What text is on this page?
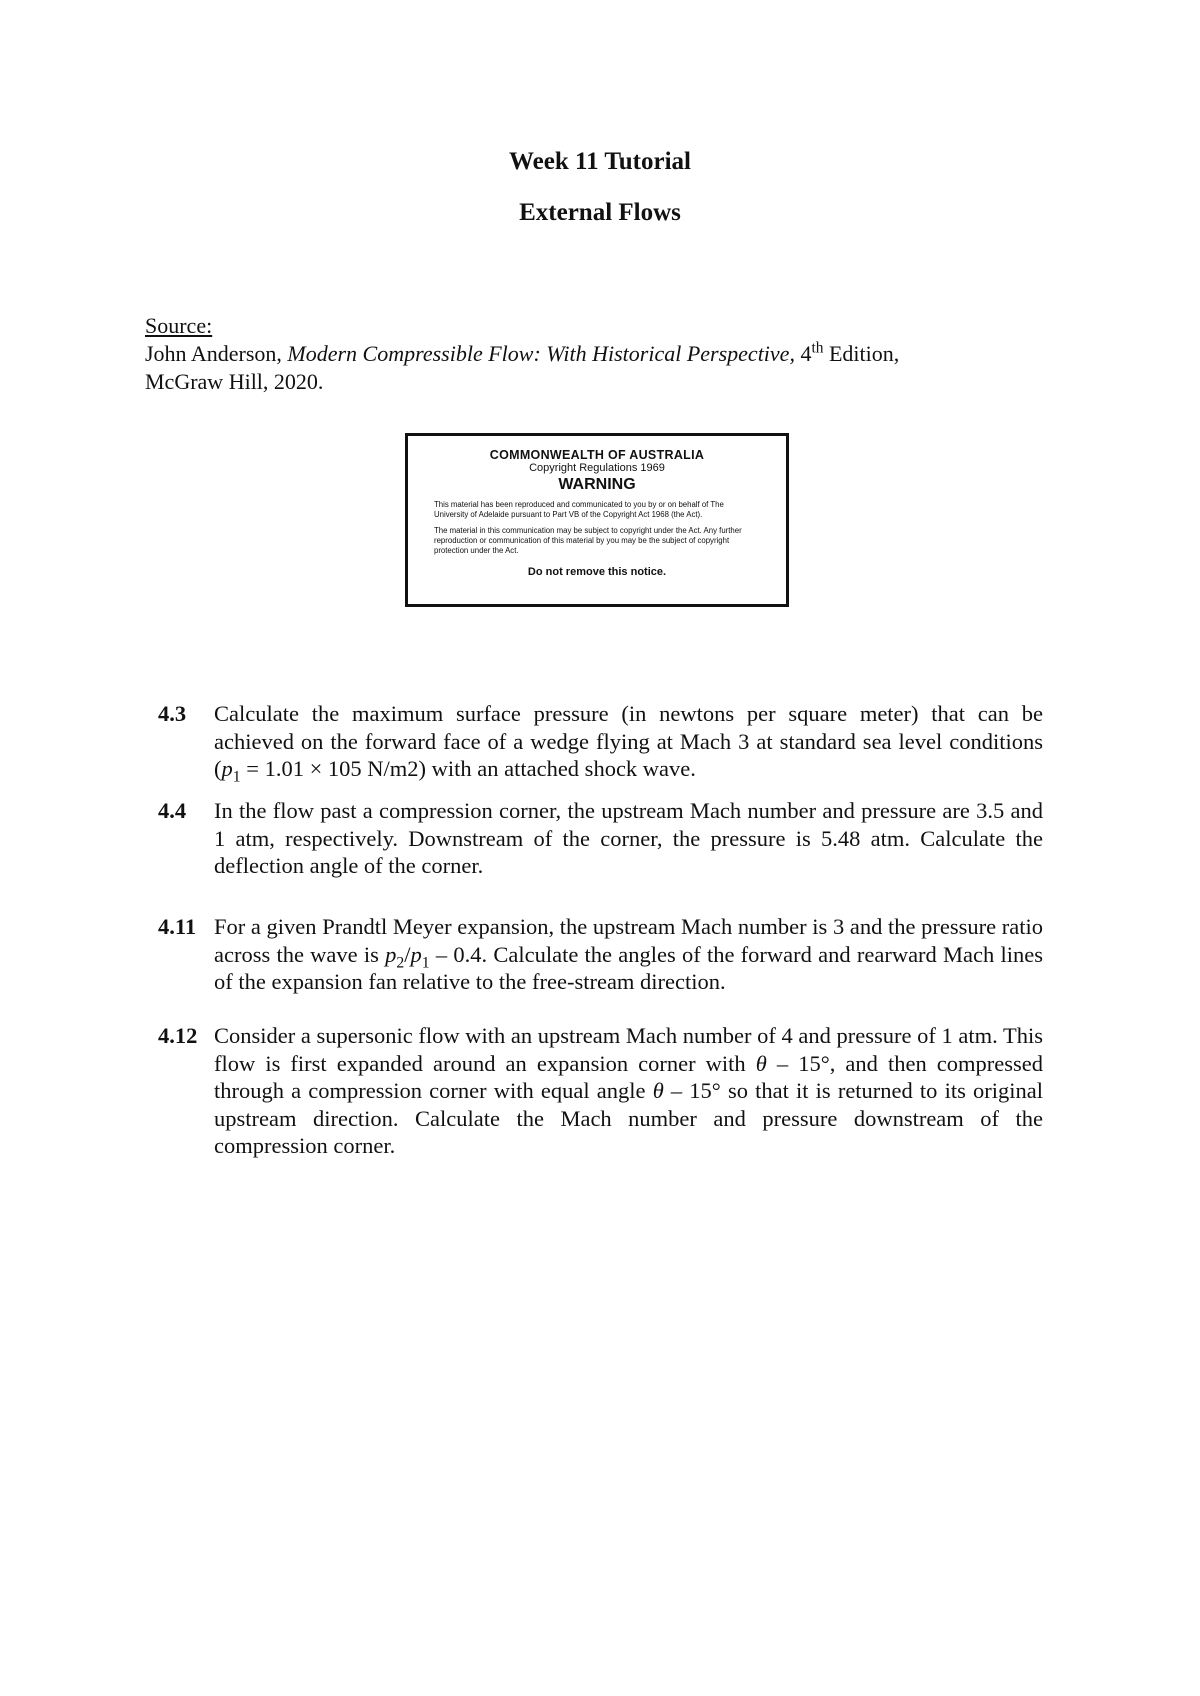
Week 11 Tutorial
External Flows
Source:
John Anderson, Modern Compressible Flow: With Historical Perspective, 4th Edition,
McGraw Hill, 2020.
COMMONWEALTH OF AUSTRALIA
Copyright Regulations 1969
WARNING
This material has been reproduced and communicated to you by or on behalf of The University of Adelaide pursuant to Part VB of the Copyright Act 1968 (the Act).
The material in this communication may be subject to copyright under the Act. Any further reproduction or communication of this material by you may be the subject of copyright protection under the Act.
Do not remove this notice.
4.3 Calculate the maximum surface pressure (in newtons per square meter) that can be achieved on the forward face of a wedge flying at Mach 3 at standard sea level conditions ($p_1 = 1.01 \times 105$ N/m2) with an attached shock wave.
4.4 In the flow past a compression corner, the upstream Mach number and pressure are 3.5 and 1 atm, respectively. Downstream of the corner, the pressure is 5.48 atm. Calculate the deflection angle of the corner.
4.11 For a given Prandtl Meyer expansion, the upstream Mach number is 3 and the pressure ratio across the wave is $p_2/p_1 - 0.4$. Calculate the angles of the forward and rearward Mach lines of the expansion fan relative to the free-stream direction.
4.12 Consider a supersonic flow with an upstream Mach number of 4 and pressure of 1 atm. This flow is first expanded around an expansion corner with θ – 15°, and then compressed through a compression corner with equal angle θ – 15° so that it is returned to its original upstream direction. Calculate the Mach number and pressure downstream of the compression corner.
